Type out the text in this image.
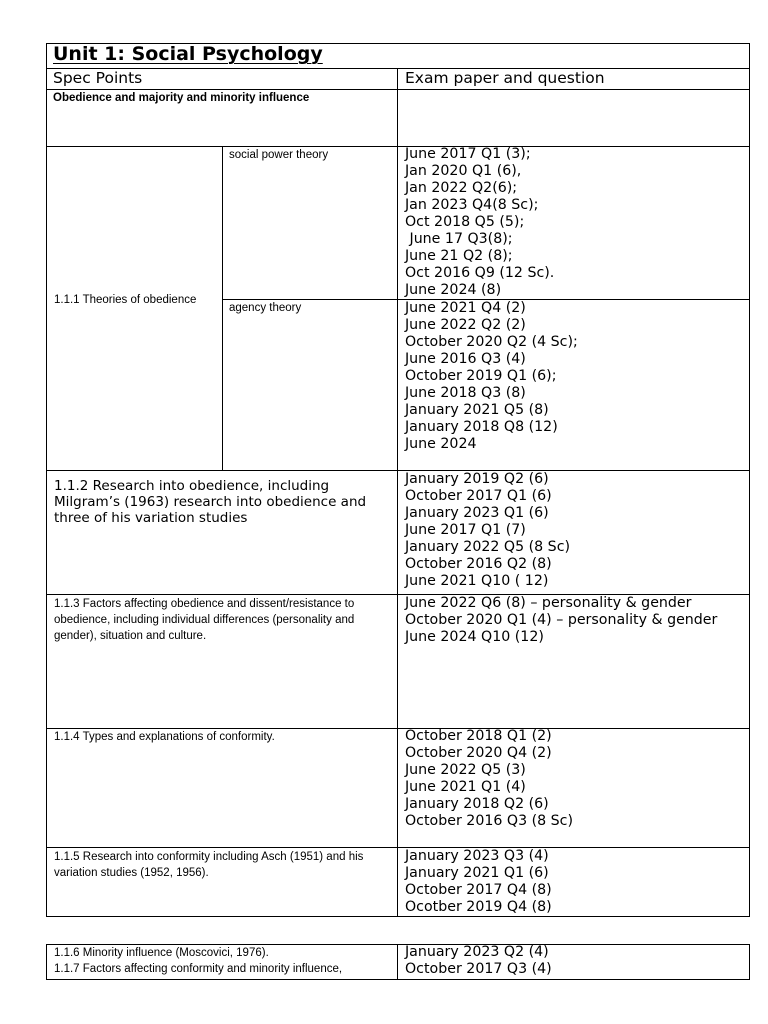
Unit 1: Social Psychology
Spec Points	Exam paper and question
Obedience and majority and minority influence
1.1.1 Theories of obedience
social power theory
agency theory
June 2017 Q1 (3);
Jan 2020 Q1 (6),
Jan 2022 Q2(6);
Jan 2023 Q4(8 Sc);
Oct 2018 Q5 (5);
June 17 Q3(8);
June 21 Q2 (8);
Oct 2016 Q9 (12 Sc).
June 2024 (8)
June 2021 Q4 (2)
June 2022 Q2 (2)
October 2020 Q2 (4 Sc);
June 2016 Q3 (4)
October 2019 Q1 (6);
June 2018 Q3 (8)
January 2021 Q5 (8)
January 2018 Q8 (12)
June 2024
1.1.2 Research into obedience, including Milgram’s (1963) research into obedience and three of his variation studies
January 2019 Q2 (6)
October 2017 Q1 (6)
January 2023 Q1 (6)
June 2017 Q1 (7)
January 2022 Q5 (8 Sc)
October 2016 Q2 (8)
June 2021 Q10 ( 12)
1.1.3 Factors affecting obedience and dissent/resistance to obedience, including individual differences (personality and gender), situation and culture.
June 2022 Q6 (8) – personality & gender
October 2020 Q1 (4) – personality & gender
June 2024 Q10 (12)
1.1.4 Types and explanations of conformity.	October 2018 Q1 (2)
October 2020 Q4 (2)
June 2022 Q5 (3)
June 2021 Q1 (4)
January 2018 Q2 (6)
October 2016 Q3 (8 Sc)
1.1.5 Research into conformity including Asch (1951) and his variation studies (1952, 1956).
January 2023 Q3 (4)
January 2021 Q1 (6)
October 2017 Q4 (8)
Ocotber 2019 Q4 (8)
1.1.6 Minority influence (Moscovici, 1976).
1.1.7 Factors affecting conformity and minority influence,
January 2023 Q2 (4)
October 2017 Q3 (4)
